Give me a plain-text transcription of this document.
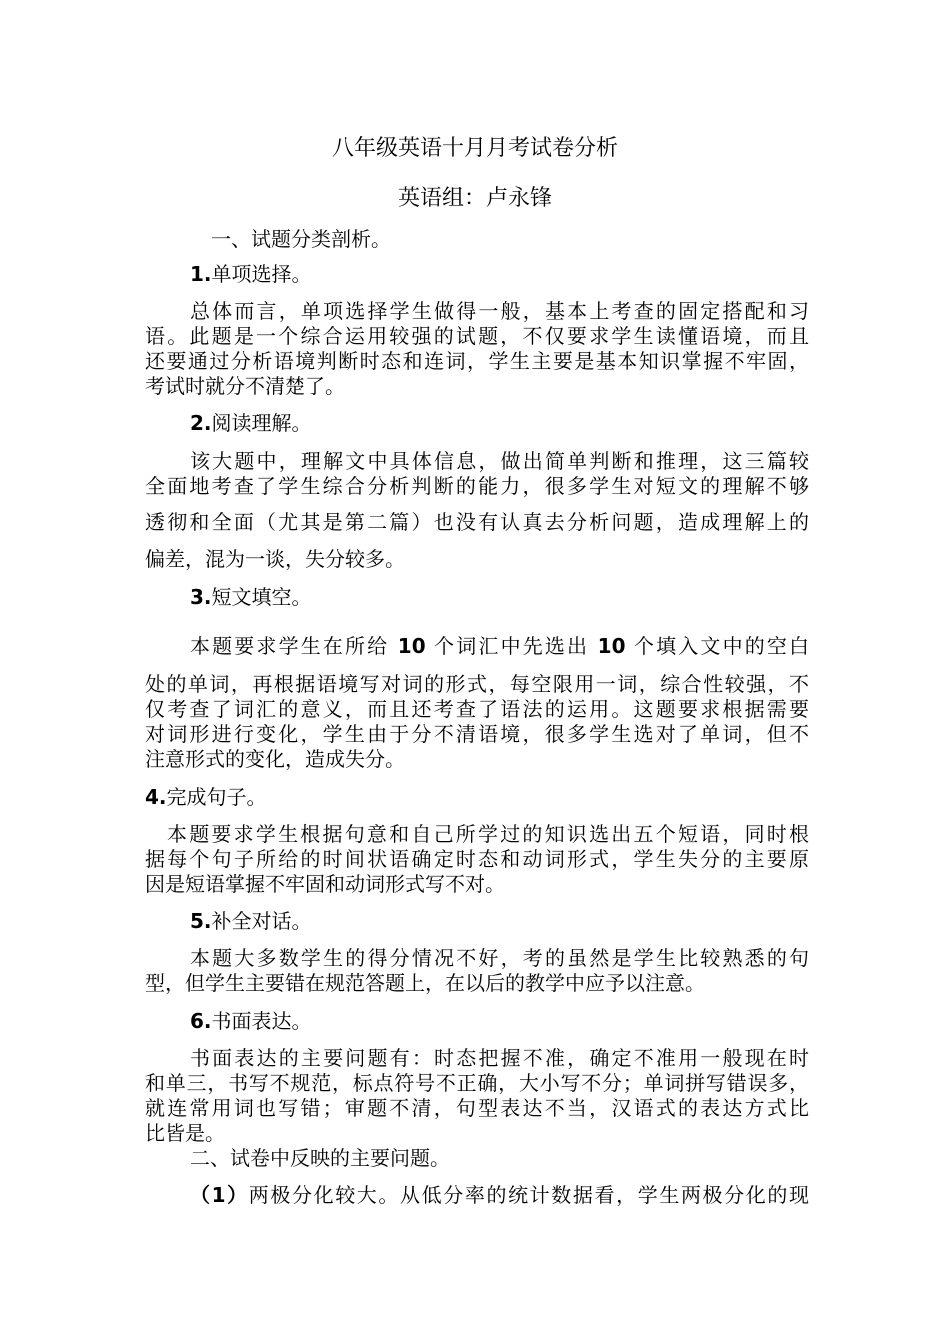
八年级英语十月月考试卷分析
英语组：卢永锋
一、试题分类剖析。
1.单项选择。
总体而言，单项选择学生做得一般，基本上考查的固定搭配和习
语。此题是一个综合运用较强的试题，不仅要求学生读懂语境，而且
还要通过分析语境判断时态和连词，学生主要是基本知识掌握不牢固，
考试时就分不清楚了。
2.阅读理解。
该大题中，理解文中具体信息，做出简单判断和推理，这三篇较
全面地考查了学生综合分析判断的能力，很多学生对短文的理解不够
透彻和全面（尤其是第二篇）也没有认真去分析问题，造成理解上的
偏差，混为一谈，失分较多。
3.短文填空。
本题要求学生在所给 10 个词汇中先选出 10 个填入文中的空白
处的单词，再根据语境写对词的形式，每空限用一词，综合性较强，不
仅考查了词汇的意义，而且还考查了语法的运用。这题要求根据需要
对词形进行变化，学生由于分不清语境，很多学生选对了单词，但不
注意形式的变化，造成失分。
4.完成句子。
本题要求学生根据句意和自己所学过的知识选出五个短语，同时根
据每个句子所给的时间状语确定时态和动词形式，学生失分的主要原
因是短语掌握不牢固和动词形式写不对。
5.补全对话。
本题大多数学生的得分情况不好，考的虽然是学生比较熟悉的句
型，但学生主要错在规范答题上，在以后的教学中应予以注意。
6.书面表达。
书面表达的主要问题有：时态把握不准，确定不准用一般现在时
和单三，书写不规范，标点符号不正确，大小写不分；单词拼写错误多，
就连常用词也写错；审题不清，句型表达不当，汉语式的表达方式比
比皆是。
二、试卷中反映的主要问题。
（1）两极分化较大。从低分率的统计数据看，学生两极分化的现
